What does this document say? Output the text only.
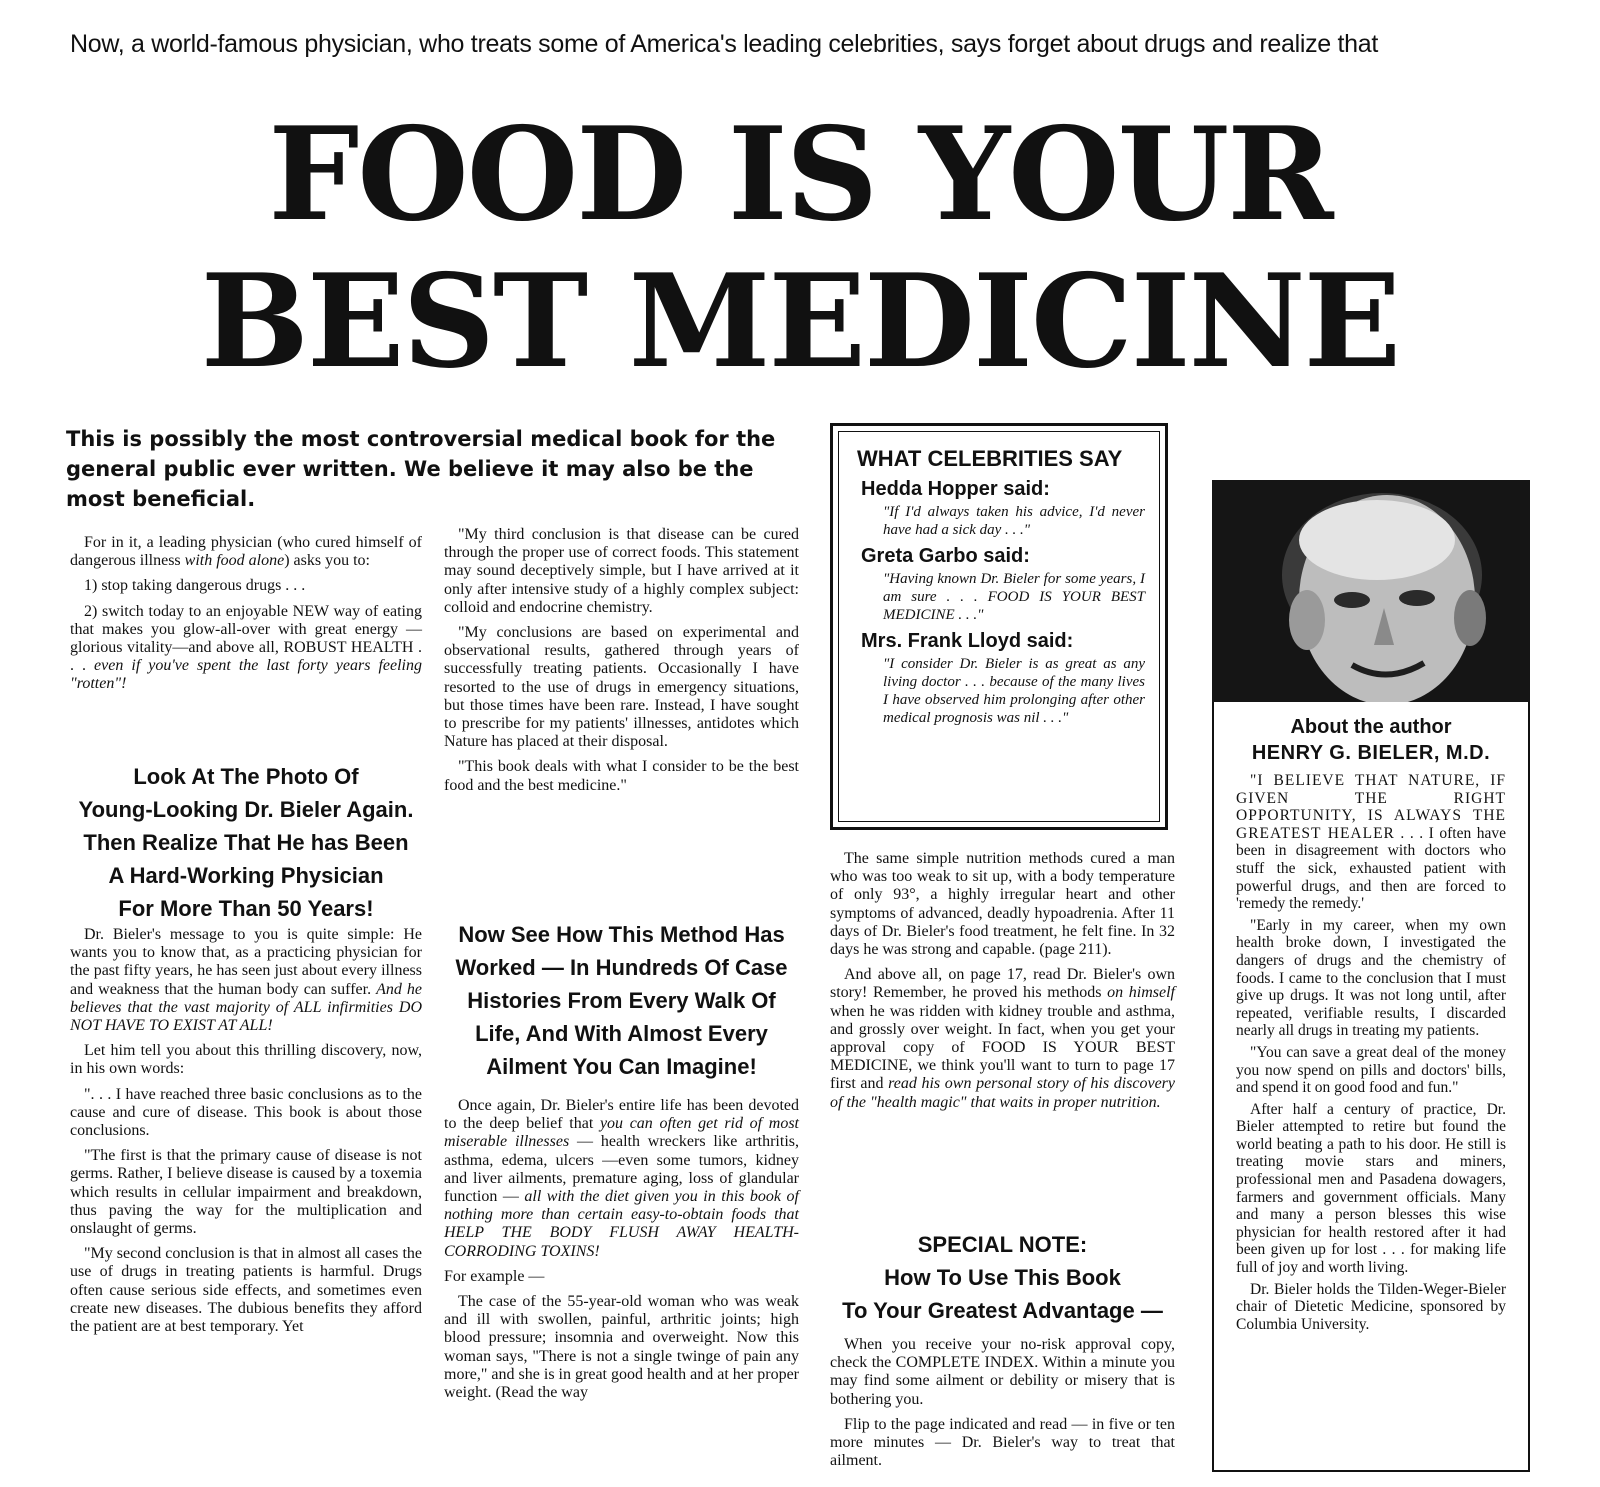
Now, a world-famous physician, who treats some of America's leading celebrities, says forget about drugs and realize that
FOOD IS YOUR
BEST MEDICINE
This is possibly the most controversial medical book for the general public ever written. We believe it may also be the most beneficial.

For in it, a leading physician (who cured himself of dangerous illness with food alone) asks you to:

1) stop taking dangerous drugs . . .

2) switch today to an enjoyable NEW way of eating that makes you glow-all-over with great energy — glorious vitality—and above all, ROBUST HEALTH . . . even if you've spent the last forty years feeling "rotten"!

Look At The Photo Of

Young-Looking Dr. Bieler Again.

Then Realize That He has Been

A Hard-Working Physician

For More Than 50 Years!

Dr. Bieler's message to you is quite simple: He wants you to know that, as a practicing physician for the past fifty years, he has seen just about every illness and weakness that the human body can suffer. And he believes that the vast majority of ALL infirmities DO NOT HAVE TO EXIST AT ALL!

Let him tell you about this thrilling discovery, now, in his own words:

". . . I have reached three basic conclusions as to the cause and cure of disease. This book is about those conclusions.

"The first is that the primary cause of disease is not germs. Rather, I believe disease is caused by a toxemia which results in cellular impairment and breakdown, thus paving the way for the multiplication and onslaught of germs.

"My second conclusion is that in almost all cases the use of drugs in treating patients is harmful. Drugs often cause serious side effects, and sometimes even create new diseases. The dubious benefits they afford the patient are at best temporary. Yet

"My third conclusion is that disease can be cured through the proper use of correct foods. This statement may sound deceptively simple, but I have arrived at it only after intensive study of a highly complex subject: colloid and endocrine chemistry.

"My conclusions are based on experimental and observational results, gathered through years of successfully treating patients. Occasionally I have resorted to the use of drugs in emergency situations, but those times have been rare. Instead, I have sought to prescribe for my patients' illnesses, antidotes which Nature has placed at their disposal.

"This book deals with what I consider to be the best food and the best medicine."

Now See How This Method Has

Worked — In Hundreds Of Case

Histories From Every Walk Of

Life, And With Almost Every

Ailment You Can Imagine!

Once again, Dr. Bieler's entire life has been devoted to the deep belief that you can often get rid of most miserable illnesses — health wreckers like arthritis, asthma, edema, ulcers —even some tumors, kidney and liver ailments, premature aging, loss of glandular function — all with the diet given you in this book of nothing more than certain easy-to-obtain foods that HELP THE BODY FLUSH AWAY HEALTH-CORRODING TOXINS!

For example —

The case of the 55-year-old woman who was weak and ill with swollen, painful, arthritic joints; high blood pressure; insomnia and overweight. Now this woman says, "There is not a single twinge of pain any more," and she is in great good health and at her proper weight. (Read the way

WHAT CELEBRITIES SAY
Hedda Hopper said:
"If I'd always taken his advice, I'd never have had a sick day . . ."
Greta Garbo said:
"Having known Dr. Bieler for some years, I am sure . . . FOOD IS YOUR BEST MEDICINE . . ."
Mrs. Frank Lloyd said:
"I consider Dr. Bieler is as great as any living doctor . . . because of the many lives I have observed him prolonging after other medical prognosis was nil . . ."

The same simple nutrition methods cured a man who was too weak to sit up, with a body temperature of only 93°, a highly irregular heart and other symptoms of advanced, deadly hypoadrenia. After 11 days of Dr. Bieler's food treatment, he felt fine. In 32 days he was strong and capable. (page 211).

And above all, on page 17, read Dr. Bieler's own story! Remember, he proved his methods on himself when he was ridden with kidney trouble and asthma, and grossly over weight. In fact, when you get your approval copy of FOOD IS YOUR BEST MEDICINE, we think you'll want to turn to page 17 first and read his own personal story of his discovery of the "health magic" that waits in proper nutrition.

SPECIAL NOTE:

How To Use This Book

To Your Greatest Advantage —

When you receive your no-risk approval copy, check the COMPLETE INDEX. Within a minute you may find some ailment or debility or misery that is bothering you.

Flip to the page indicated and read — in five or ten more minutes — Dr. Bieler's way to treat that ailment.

About the author
HENRY G. BIELER, M.D.

"I BELIEVE THAT NATURE, IF GIVEN THE RIGHT OPPORTUNITY, IS ALWAYS THE GREATEST HEALER . . . I often have been in disagreement with doctors who stuff the sick, exhausted patient with powerful drugs, and then are forced to 'remedy the remedy.'

"Early in my career, when my own health broke down, I investigated the dangers of drugs and the chemistry of foods. I came to the conclusion that I must give up drugs. It was not long until, after repeated, verifiable results, I discarded nearly all drugs in treating my patients.

"You can save a great deal of the money you now spend on pills and doctors' bills, and spend it on good food and fun."

After half a century of practice, Dr. Bieler attempted to retire but found the world beating a path to his door. He still is treating movie stars and miners, professional men and Pasadena dowagers, farmers and government officials. Many and many a person blesses this wise physician for health restored after it had been given up for lost . . . for making life full of joy and worth living.

Dr. Bieler holds the Tilden-Weger-Bieler chair of Dietetic Medicine, sponsored by Columbia University.
